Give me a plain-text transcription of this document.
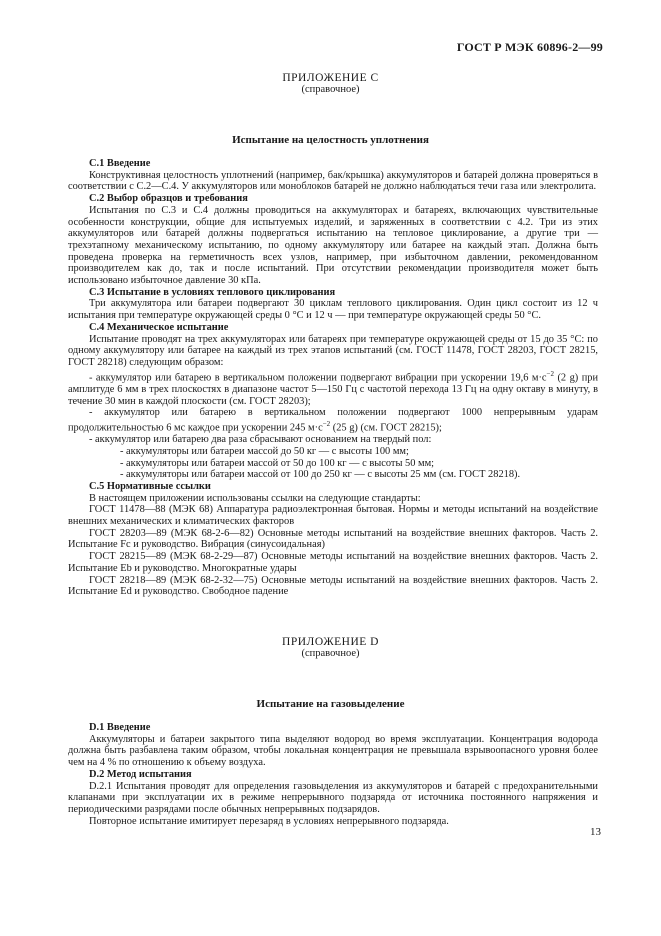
ГОСТ Р МЭК 60896-2—99
ПРИЛОЖЕНИЕ С
(справочное)
Испытание на целостность уплотнения

С.1 Введение

Конструктивная целостность уплотнений (например, бак/крышка) аккумуляторов и батарей должна проверяться в соответствии с С.2—С.4. У аккумуляторов или моноблоков батарей не должно наблюдаться течи газа или электролита.

С.2 Выбор образцов и требования

Испытания по С.3 и С.4 должны проводиться на аккумуляторах и батареях, включающих чувствительные особенности конструкции, общие для испытуемых изделий, и заряженных в соответствии с 4.2. Три из этих аккумуляторов или батарей должны подвергаться испытанию на тепловое циклирование, а другие три — трехэтапному механическому испытанию, по одному аккумулятору или батарее на каждый этап. Должна быть проведена проверка на герметичность всех узлов, например, при избыточном давлении, рекомендованном производителем как до, так и после испытаний. При отсутствии рекомендации производителя может быть использовано избыточное давление 30 кПа.

С.3 Испытание в условиях теплового циклирования

Три аккумулятора или батареи подвергают 30 циклам теплового циклирования. Один цикл состоит из 12 ч испытания при температуре окружающей среды 0 °С и 12 ч — при температуре окружающей среды 50 °С.

С.4 Механическое испытание

Испытание проводят на трех аккумуляторах или батареях при температуре окружающей среды от 15 до 35 °С: по одному аккумулятору или батарее на каждый из трех этапов испытаний (см. ГОСТ 11478, ГОСТ 28203, ГОСТ 28215, ГОСТ 28218) следующим образом:

- аккумулятор или батарею в вертикальном положении подвергают вибрации при ускорении 19,6 $м\cdot с^{-2}$ (2 g) при амплитуде 6 мм в трех плоскостях в диапазоне частот 5—150 Гц с частотой перехода 13 Гц на одну октаву в минуту, в течение 30 мин в каждой плоскости (см. ГОСТ 28203);

- аккумулятор или батарею в вертикальном положении подвергают 1000 непрерывным ударам продолжительностью 6 мс каждое при ускорении 245 $м\cdot с^{-2}$ (25 g) (см. ГОСТ 28215);

- аккумулятор или батарею два раза сбрасывают основанием на твердый пол:

- аккумуляторы или батареи массой до 50 кг — с высоты 100 мм;

- аккумуляторы или батареи массой от 50 до 100 кг — с высоты 50 мм;

- аккумуляторы или батареи массой от 100 до 250 кг — с высоты 25 мм (см. ГОСТ 28218).

С.5 Нормативные ссылки

В настоящем приложении использованы ссылки на следующие стандарты:

ГОСТ 11478—88 (МЭК 68) Аппаратура радиоэлектронная бытовая. Нормы и методы испытаний на воздействие внешних механических и климатических факторов

ГОСТ 28203—89 (МЭК 68-2-6—82) Основные методы испытаний на воздействие внешних факторов. Часть 2. Испытание Fc и руководство. Вибрация (синусоидальная)

ГОСТ 28215—89 (МЭК 68-2-29—87) Основные методы испытаний на воздействие внешних факторов. Часть 2. Испытание Eb и руководство. Многократные удары

ГОСТ 28218—89 (МЭК 68-2-32—75) Основные методы испытаний на воздействие внешних факторов. Часть 2. Испытание Ed и руководство. Свободное падение

ПРИЛОЖЕНИЕ D
(справочное)
Испытание на газовыделение

D.1 Введение

Аккумуляторы и батареи закрытого типа выделяют водород во время эксплуатации. Концентрация водорода должна быть разбавлена таким образом, чтобы локальная концентрация не превышала взрывоопасного уровня более чем на 4 % по отношению к объему воздуха.

D.2 Метод испытания

D.2.1 Испытания проводят для определения газовыделения из аккумуляторов и батарей с предохранительными клапанами при эксплуатации их в режиме непрерывного подзаряда от источника постоянного напряжения и периодическими разрядами после обычных непрерывных подзарядов.

Повторное испытание имитирует перезаряд в условиях непрерывного подзаряда.

13
